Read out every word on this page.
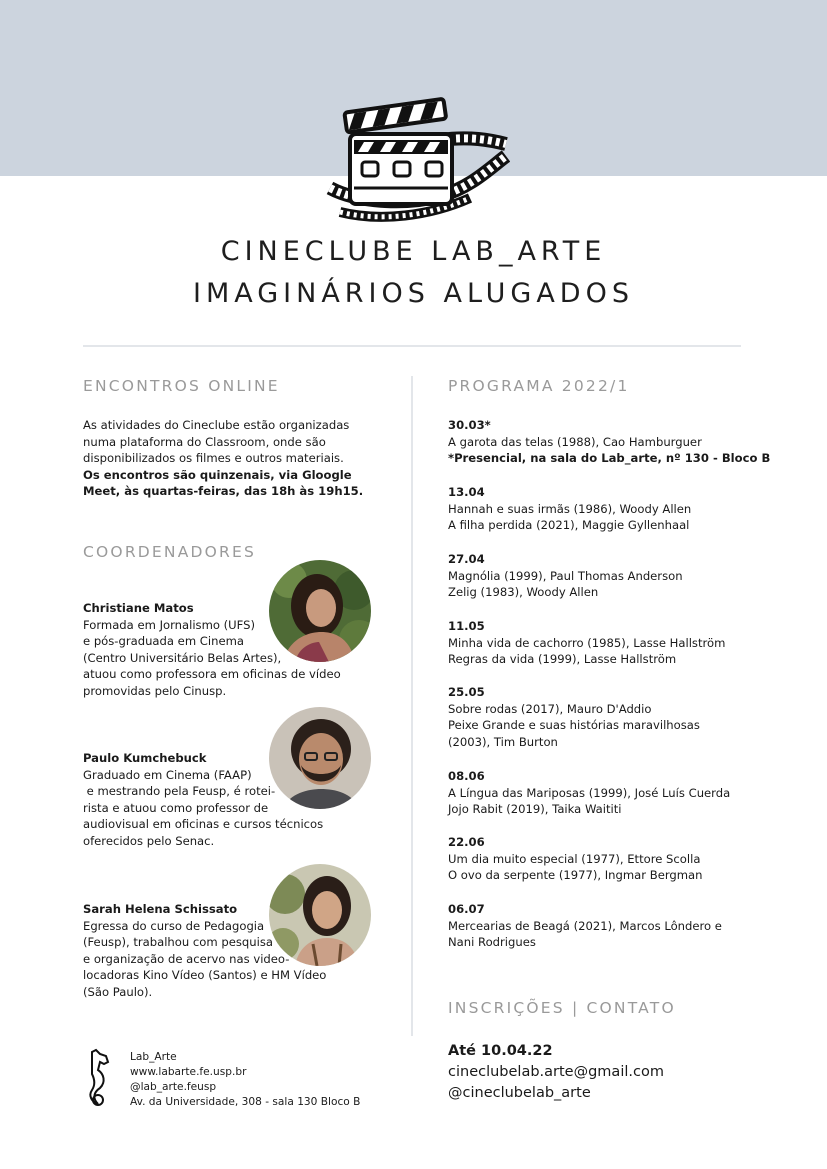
CINECLUBE LAB_ARTE
IMAGINÁRIOS ALUGADOS
ENCONTROS ONLINE
As atividades do Cineclube estão organizadas
numa plataforma do Classroom, onde são
disponibilizados os filmes e outros materiais.
Os encontros são quinzenais, via Gloogle
Meet, às quartas-feiras, das 18h às 19h15.
COORDENADORES
Christiane Matos
Formada em Jornalismo (UFS)
e pós-graduada em Cinema
(Centro Universitário Belas Artes),
atuou como professora em oficinas de vídeo
promovidas pelo Cinusp.
Paulo Kumchebuck
Graduado em Cinema (FAAP)
e mestrando pela Feusp, é rotei-
rista e atuou como professor de
audiovisual em oficinas e cursos técnicos
oferecidos pelo Senac.
Sarah Helena Schissato
Egressa do curso de Pedagogia
(Feusp), trabalhou com pesquisa
e organização de acervo nas video-
locadoras Kino Vídeo (Santos) e HM Vídeo
(São Paulo).
PROGRAMA 2022/1
30.03*
A garota das telas (1988), Cao Hamburguer
*Presencial, na sala do Lab_arte, nº 130 - Bloco B
13.04
Hannah e suas irmãs (1986), Woody Allen
A filha perdida (2021), Maggie Gyllenhaal
27.04
Magnólia (1999), Paul Thomas Anderson
Zelig (1983), Woody Allen
11.05
Minha vida de cachorro (1985), Lasse Hallström
Regras da vida (1999), Lasse Hallström
25.05
Sobre rodas (2017), Mauro D'Addio
Peixe Grande e suas histórias maravilhosas
(2003), Tim Burton
08.06
A Língua das Mariposas (1999), José Luís Cuerda
Jojo Rabit (2019), Taika Waititi
22.06
Um dia muito especial (1977), Ettore Scolla
O ovo da serpente (1977), Ingmar Bergman
06.07
Mercearias de Beagá (2021), Marcos Lôndero e
Nani Rodrigues
INSCRIÇÕES | CONTATO
Até 10.04.22
cineclubelab.arte@gmail.com
@cineclubelab_arte
Lab_Arte
www.labarte.fe.usp.br
@lab_arte.feusp
Av. da Universidade, 308 - sala 130 Bloco B
